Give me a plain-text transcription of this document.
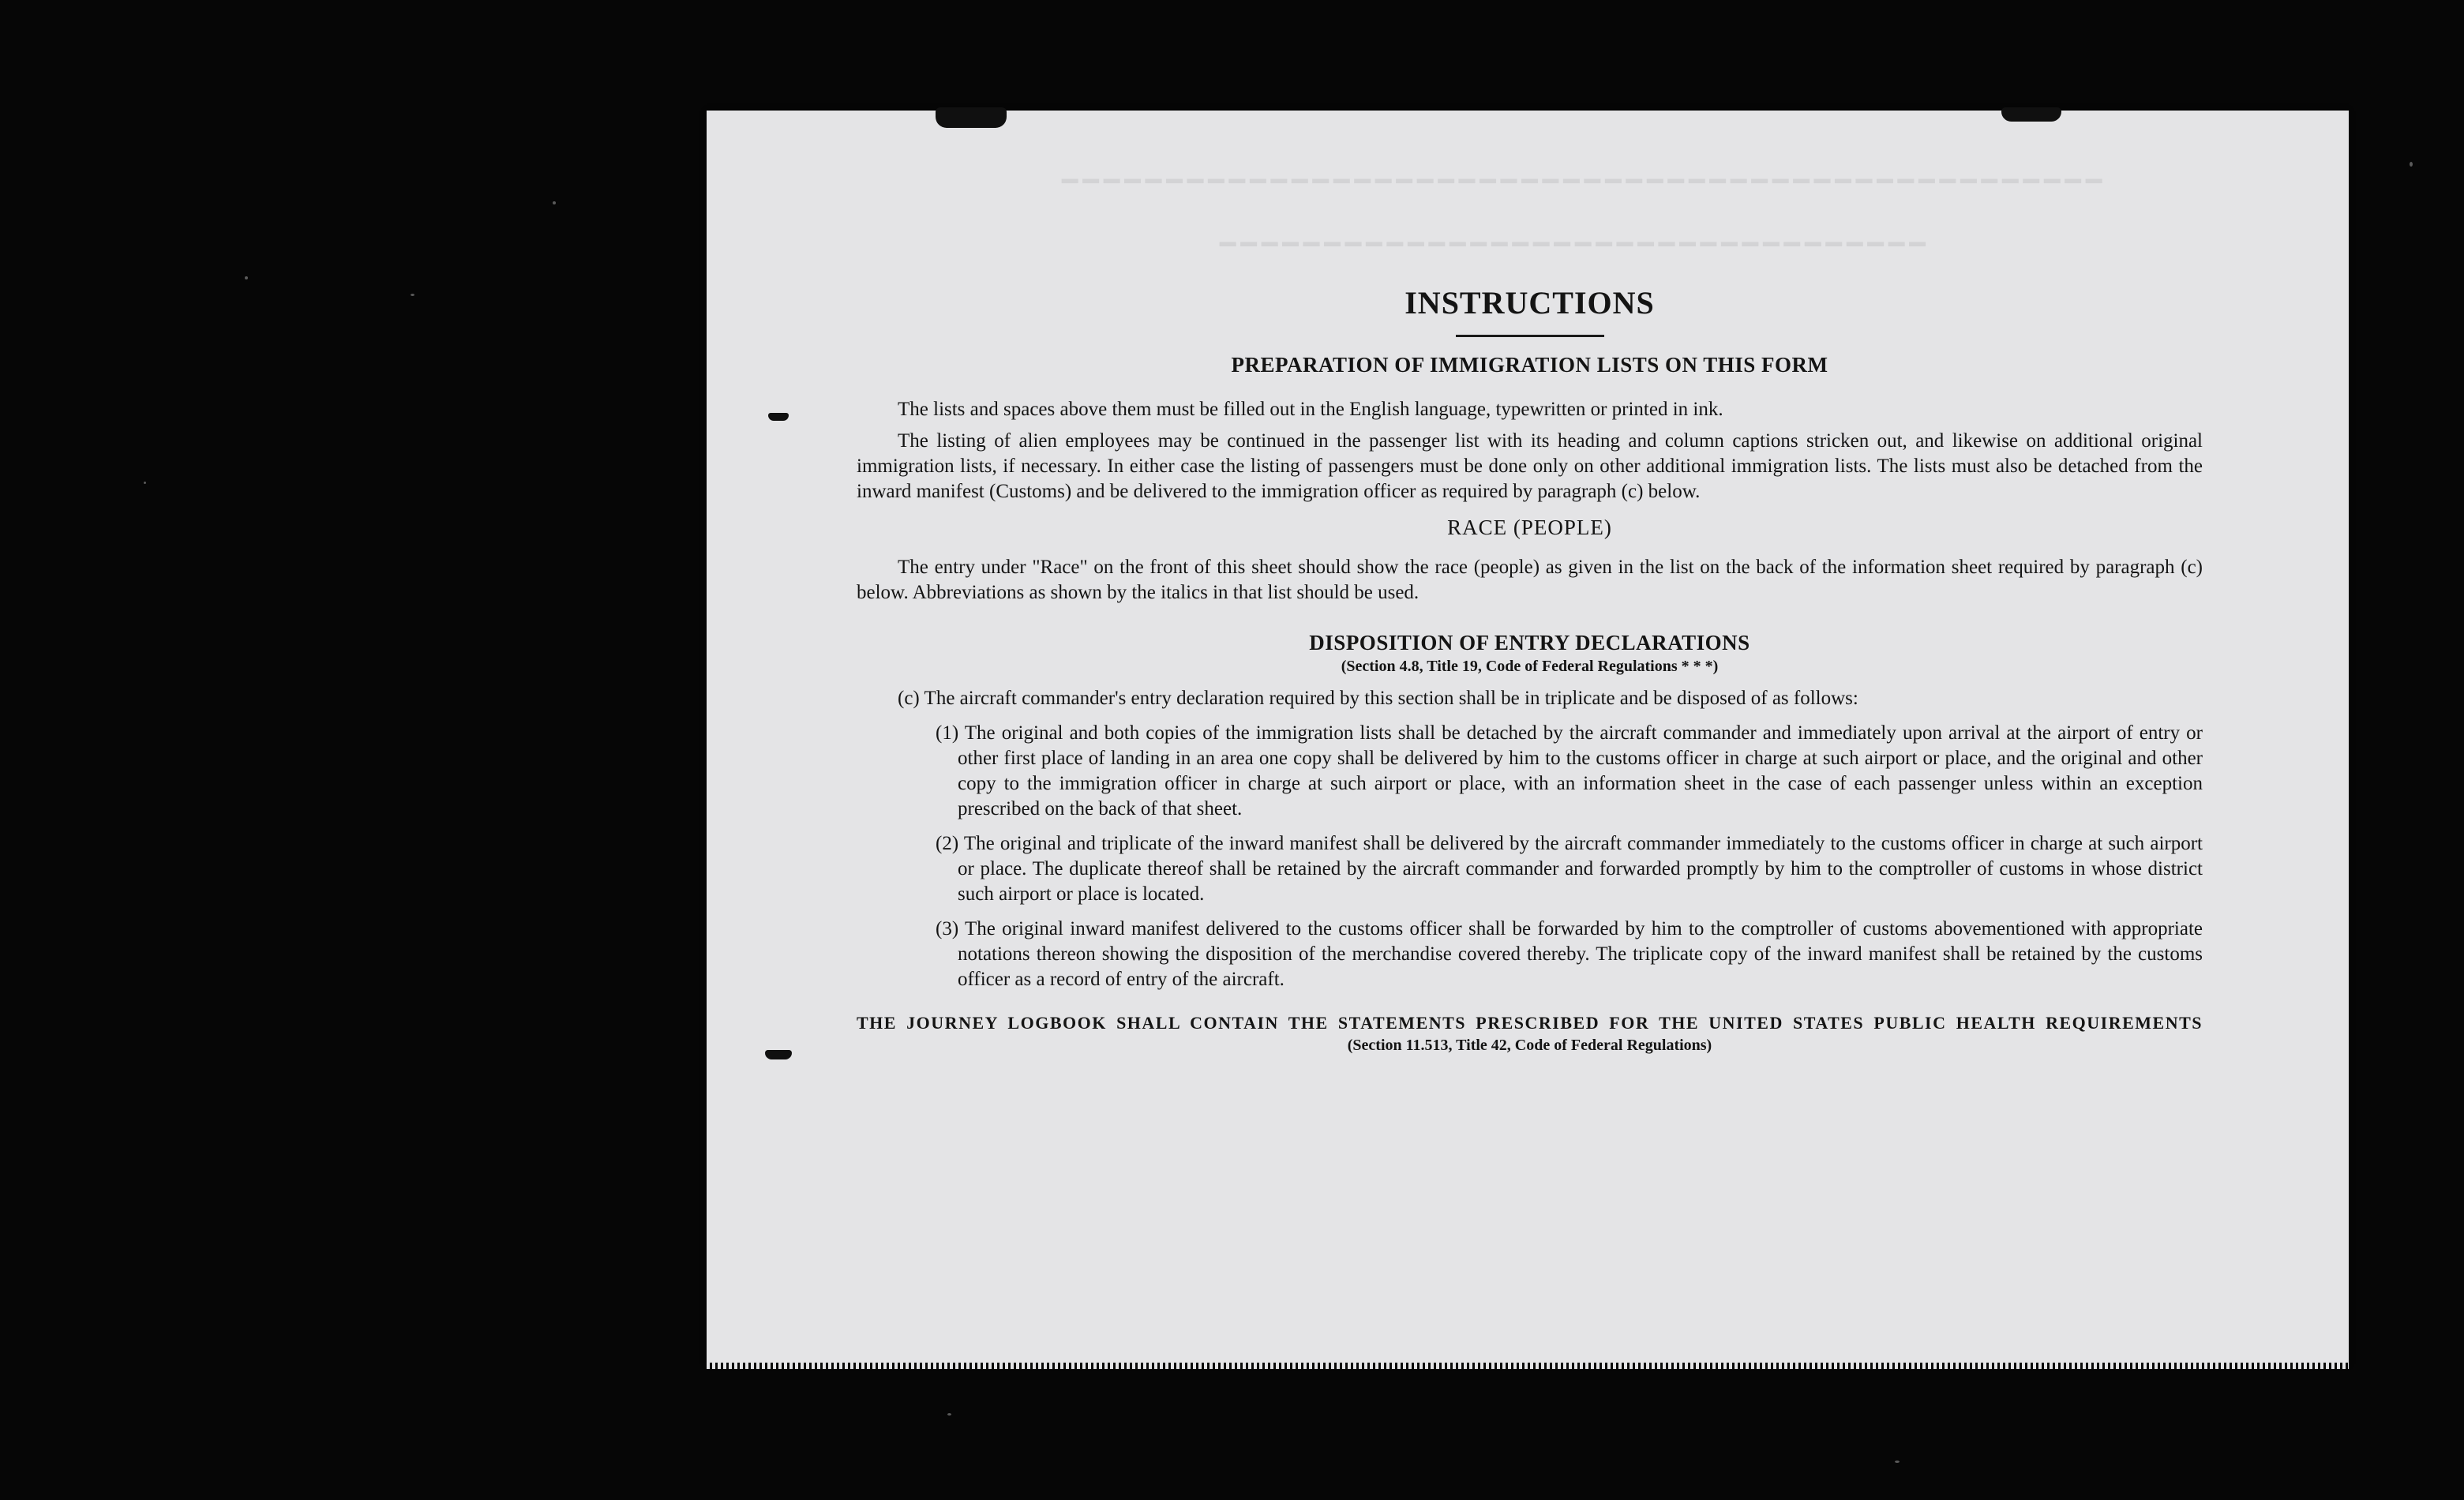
━━━━━━━━━━━━━━━━━━━━━━━━━━━━━━━━━━━━━━━━━━━━━━━━━━
━━━━━━━━━━━━━━━━━━━━━━━━━━━━━━━━━━
INSTRUCTIONS
PREPARATION OF IMMIGRATION LISTS ON THIS FORM

The lists and spaces above them must be filled out in the English language, typewritten or printed in ink.

The listing of alien employees may be continued in the passenger list with its heading and column captions stricken out, and likewise on additional original immigration lists, if necessary. In either case the listing of passengers must be done only on other additional immigration lists. The lists must also be detached from the inward manifest (Customs) and be delivered to the immigration officer as required by paragraph (c) below.

RACE (PEOPLE)

The entry under "Race" on the front of this sheet should show the race (people) as given in the list on the back of the information sheet required by paragraph (c) below. Abbreviations as shown by the italics in that list should be used.

DISPOSITION OF ENTRY DECLARATIONS
(Section 4.8, Title 19, Code of Federal Regulations * * *)

(c) The aircraft commander's entry declaration required by this section shall be in triplicate and be disposed of as follows:

(1) The original and both copies of the immigration lists shall be detached by the aircraft commander and immediately upon arrival at the airport of entry or other first place of landing in an area one copy shall be delivered by him to the customs officer in charge at such airport or place, and the original and other copy to the immigration officer in charge at such airport or place, with an information sheet in the case of each passenger unless within an exception prescribed on the back of that sheet.

(2) The original and triplicate of the inward manifest shall be delivered by the aircraft commander immediately to the customs officer in charge at such airport or place. The duplicate thereof shall be retained by the aircraft commander and forwarded promptly by him to the comptroller of customs in whose district such airport or place is located.

(3) The original inward manifest delivered to the customs officer shall be forwarded by him to the comptroller of customs abovementioned with appropriate notations thereon showing the disposition of the merchandise covered thereby. The triplicate copy of the inward manifest shall be retained by the customs officer as a record of entry of the aircraft.

THE JOURNEY LOGBOOK SHALL CONTAIN THE STATEMENTS PRESCRIBED FOR THE UNITED STATES PUBLIC HEALTH REQUIREMENTS
(Section 11.513, Title 42, Code of Federal Regulations)
